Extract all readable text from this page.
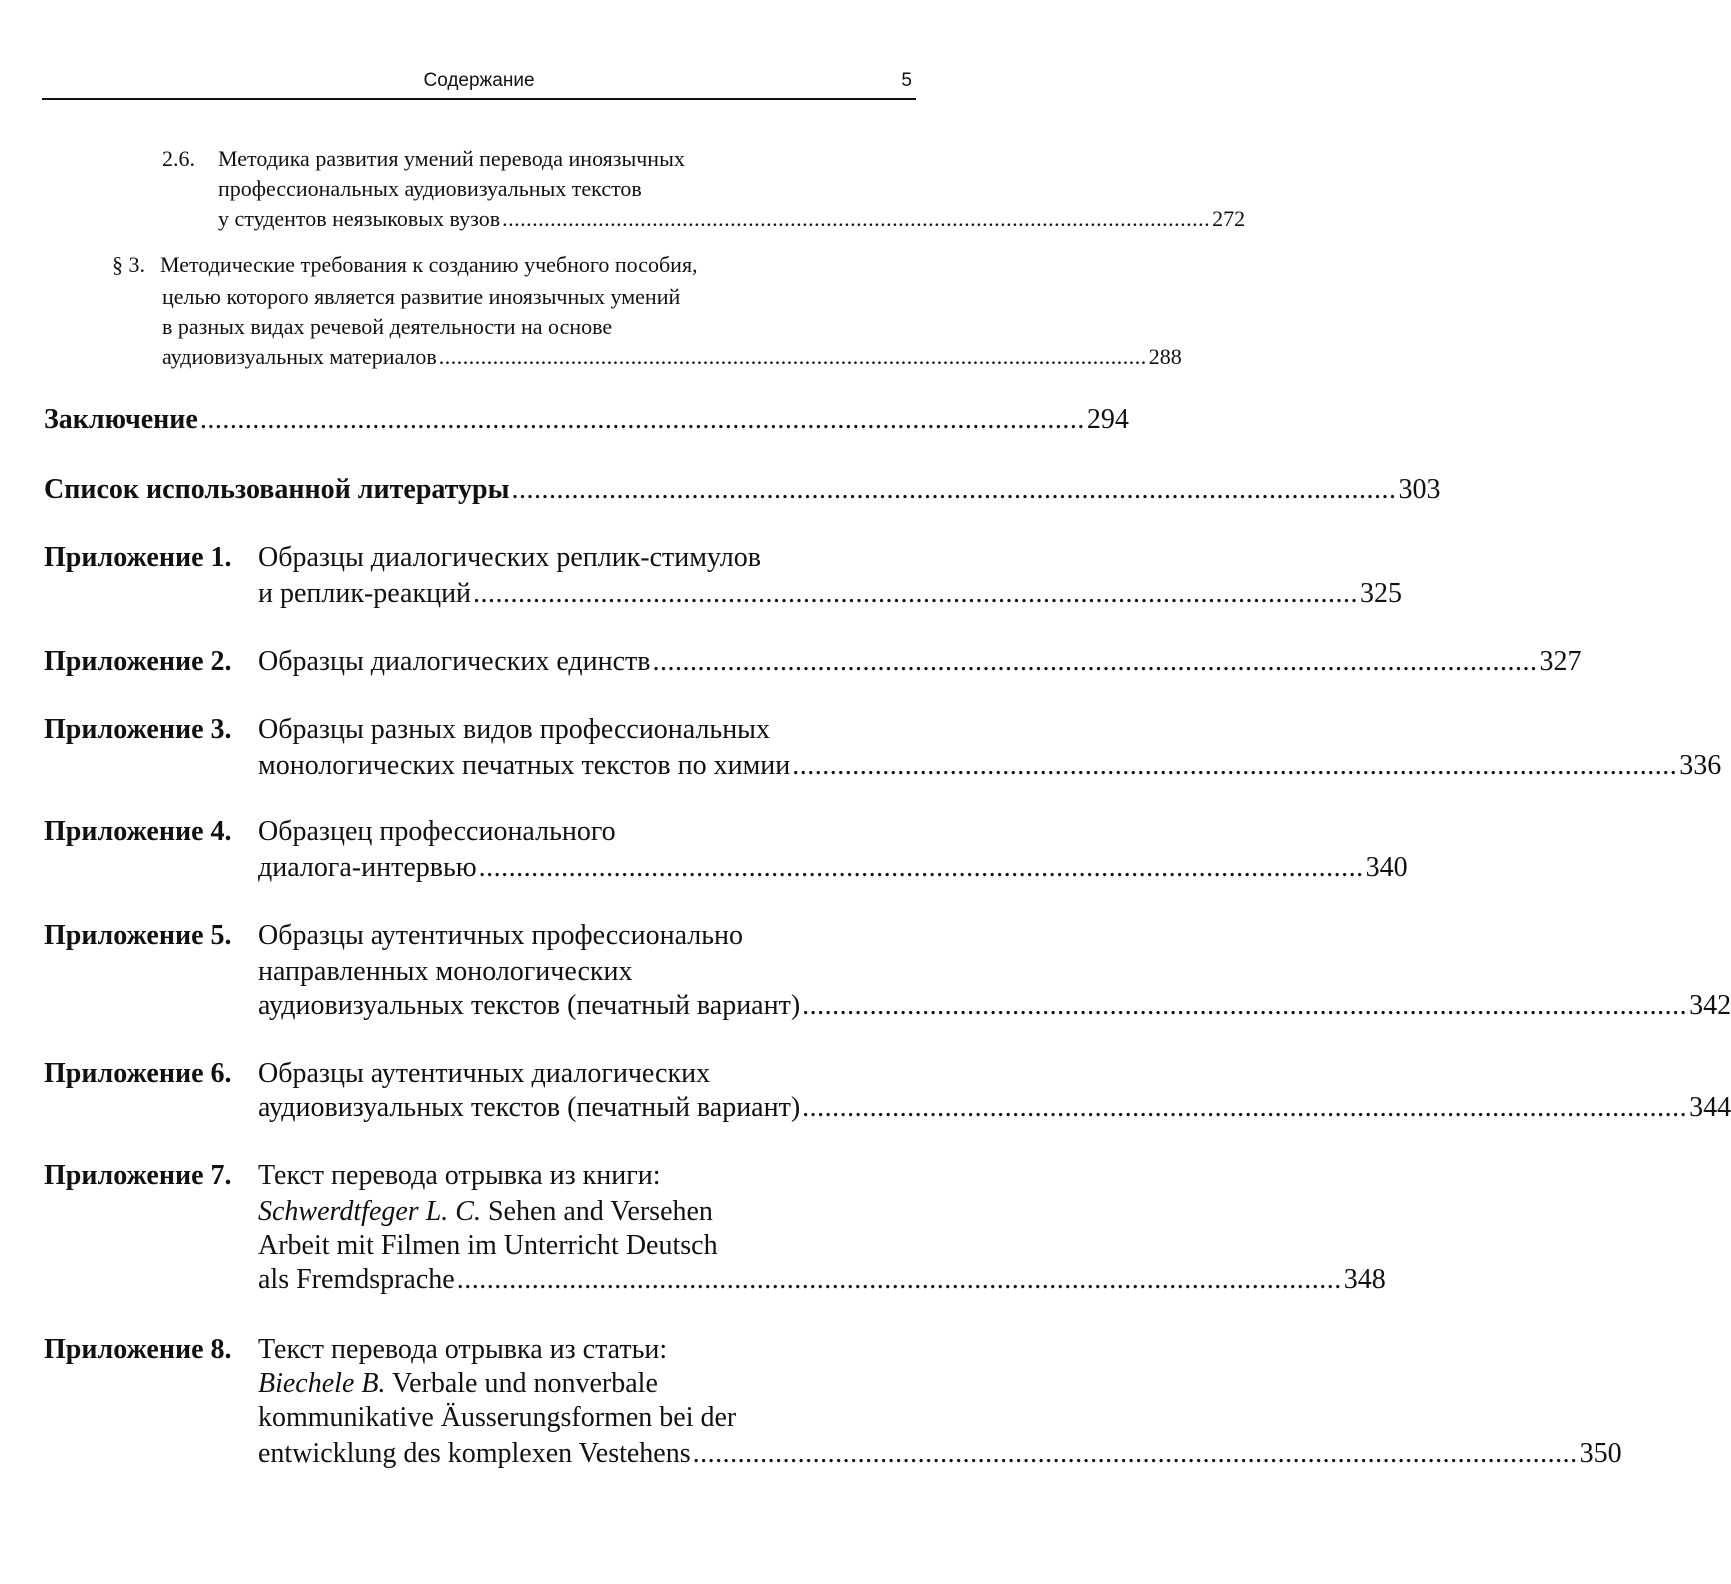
Содержание	5
2.6. Методика развития умений перевода иноязычных
профессиональных аудиовизуальных текстов
у студентов неязыковых вузов ...................................................................................................................... 272
§ 3. Методические требования к созданию учебного пособия,
целью которого является развитие иноязычных умений
в разных видах речевой деятельности на основе
аудиовизуальных материалов ...................................................................................................................... 288
Заключение ...................................................................................................................... 294
Список использованной литературы ...................................................................................................................... 303
Приложение 1. Образцы диалогических реплик-стимулов
и реплик-реакций ...................................................................................................................... 325
Приложение 2. Образцы диалогических единств ...................................................................................................................... 327
Приложение 3. Образцы разных видов профессиональных
монологических печатных текстов по химии ...................................................................................................................... 336
Приложение 4. Образцец профессионального
диалога-интервью ...................................................................................................................... 340
Приложение 5. Образцы аутентичных профессионально
направленных монологических
аудиовизуальных текстов (печатный вариант) ...................................................................................................................... 342
Приложение 6. Образцы аутентичных диалогических
аудиовизуальных текстов (печатный вариант) ...................................................................................................................... 344
Приложение 7. Текст перевода отрывка из книги:
Schwerdtfeger L. C. Sehen and Versehen
Arbeit mit Filmen im Unterricht Deutsch
als Fremdsprache ...................................................................................................................... 348
Приложение 8. Текст перевода отрывка из статьи:
Biechele B. Verbale und nonverbale
kommunikative Äusserungsformen bei der
entwicklung des komplexen Vestehens ...................................................................................................................... 350
